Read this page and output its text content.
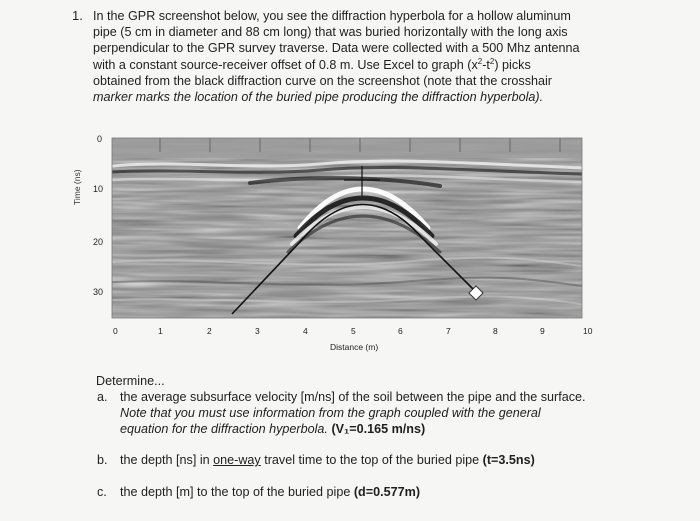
1. In the GPR screenshot below, you see the diffraction hyperbola for a hollow aluminum
pipe (5 cm in diameter and 88 cm long) that was buried horizontally with the long axis
perpendicular to the GPR survey traverse. Data were collected with a 500 Mhz antenna
with a constant source-receiver offset of 0.8 m. Use Excel to graph $(x^2-t^2)$ picks
obtained from the black diffraction curve on the screenshot (note that the crosshair
marker marks the location of the buried pipe producing the diffraction hyperbola).
Time (ns)
0
10
20
30
0	1	2	3	4	5	6	7	8	9	10
Distance (m)
Determine...
a. the average subsurface velocity [m/ns] of the soil between the pipe and the surface.
Note that you must use information from the graph coupled with the general
equation for the diffraction hyperbola. (V₁=0.165 m/ns)
b. the depth [ns] in one-way travel time to the top of the buried pipe (t=3.5ns)
c. the depth [m] to the top of the buried pipe (d=0.577m)
